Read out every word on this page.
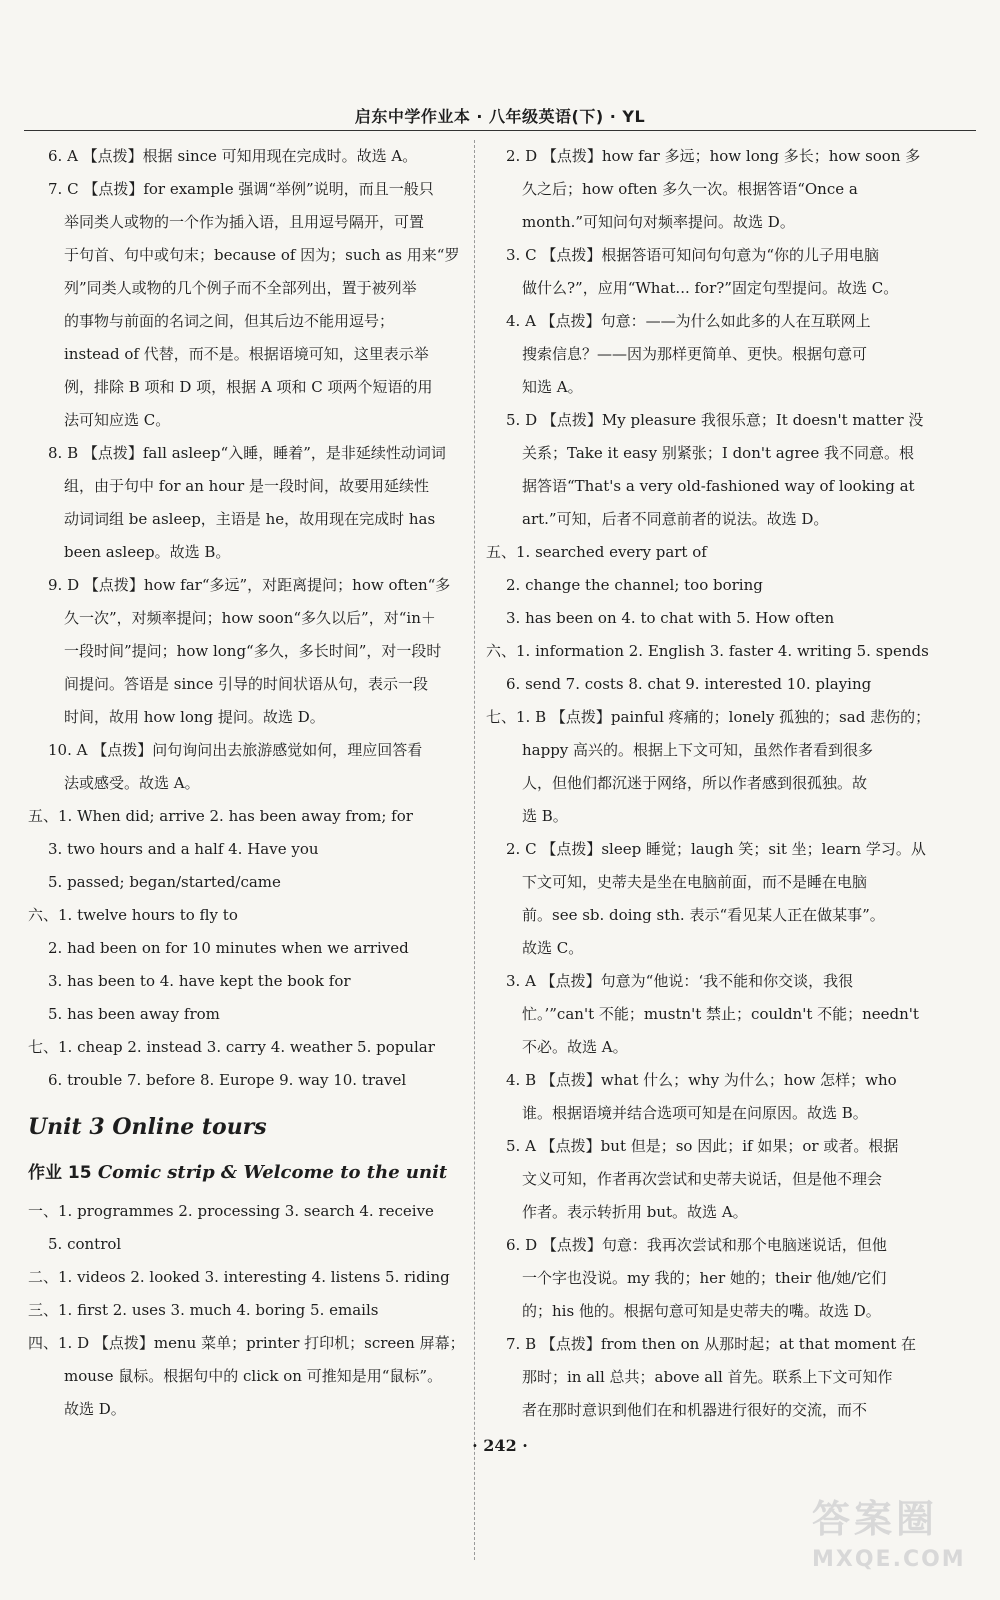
启东中学作业本 · 八年级英语(下) · YL
6. A 【点拨】根据 since 可知用现在完成时。故选 A。
7. C 【点拨】for example 强调“举例”说明，而且一般只
举同类人或物的一个作为插入语，且用逗号隔开，可置
于句首、句中或句末；because of 因为；such as 用来“罗
列”同类人或物的几个例子而不全部列出，置于被列举
的事物与前面的名词之间，但其后边不能用逗号；
instead of 代替，而不是。根据语境可知，这里表示举
例，排除 B 项和 D 项，根据 A 项和 C 项两个短语的用
法可知应选 C。
8. B 【点拨】fall asleep“入睡，睡着”，是非延续性动词词
组，由于句中 for an hour 是一段时间，故要用延续性
动词词组 be asleep，主语是 he，故用现在完成时 has
been asleep。故选 B。
9. D 【点拨】how far“多远”，对距离提问；how often“多
久一次”，对频率提问；how soon“多久以后”，对“in＋
一段时间”提问；how long“多久，多长时间”，对一段时
间提问。答语是 since 引导的时间状语从句，表示一段
时间，故用 how long 提问。故选 D。
10. A 【点拨】问句询问出去旅游感觉如何，理应回答看
法或感受。故选 A。
五、1. When did; arrive 2. has been away from; for
3. two hours and a half 4. Have you
5. passed; began/started/came
六、1. twelve hours to fly to
2. had been on for 10 minutes when we arrived
3. has been to 4. have kept the book for
5. has been away from
七、1. cheap 2. instead 3. carry 4. weather 5. popular
6. trouble 7. before 8. Europe 9. way 10. travel
Unit 3 Online tours
作业 15 Comic strip & Welcome to the unit
一、1. programmes 2. processing 3. search 4. receive
5. control
二、1. videos 2. looked 3. interesting 4. listens 5. riding
三、1. first 2. uses 3. much 4. boring 5. emails
四、1. D 【点拨】menu 菜单；printer 打印机；screen 屏幕；
mouse 鼠标。根据句中的 click on 可推知是用“鼠标”。
故选 D。
2. D 【点拨】how far 多远；how long 多长；how soon 多
久之后；how often 多久一次。根据答语“Once a
month.”可知问句对频率提问。故选 D。
3. C 【点拨】根据答语可知问句句意为“你的儿子用电脑
做什么?”，应用“What... for?”固定句型提问。故选 C。
4. A 【点拨】句意：——为什么如此多的人在互联网上
搜索信息？——因为那样更简单、更快。根据句意可
知选 A。
5. D 【点拨】My pleasure 我很乐意；It doesn't matter 没
关系；Take it easy 别紧张；I don't agree 我不同意。根
据答语“That's a very old-fashioned way of looking at
art.”可知，后者不同意前者的说法。故选 D。
五、1. searched every part of
2. change the channel; too boring
3. has been on 4. to chat with 5. How often
六、1. information 2. English 3. faster 4. writing 5. spends
6. send 7. costs 8. chat 9. interested 10. playing
七、1. B 【点拨】painful 疼痛的；lonely 孤独的；sad 悲伤的；
happy 高兴的。根据上下文可知，虽然作者看到很多
人，但他们都沉迷于网络，所以作者感到很孤独。故
选 B。
2. C 【点拨】sleep 睡觉；laugh 笑；sit 坐；learn 学习。从
下文可知，史蒂夫是坐在电脑前面，而不是睡在电脑
前。see sb. doing sth. 表示“看见某人正在做某事”。
故选 C。
3. A 【点拨】句意为“他说：‘我不能和你交谈，我很
忙。’”can't 不能；mustn't 禁止；couldn't 不能；needn't
不必。故选 A。
4. B 【点拨】what 什么；why 为什么；how 怎样；who
谁。根据语境并结合选项可知是在问原因。故选 B。
5. A 【点拨】but 但是；so 因此；if 如果；or 或者。根据
文义可知，作者再次尝试和史蒂夫说话，但是他不理会
作者。表示转折用 but。故选 A。
6. D 【点拨】句意：我再次尝试和那个电脑迷说话，但他
一个字也没说。my 我的；her 她的；their 他/她/它们
的；his 他的。根据句意可知是史蒂夫的嘴。故选 D。
7. B 【点拨】from then on 从那时起；at that moment 在
那时；in all 总共；above all 首先。联系上下文可知作
者在那时意识到他们在和机器进行很好的交流，而不
· 242 ·
答案圈
MXQE.COM
